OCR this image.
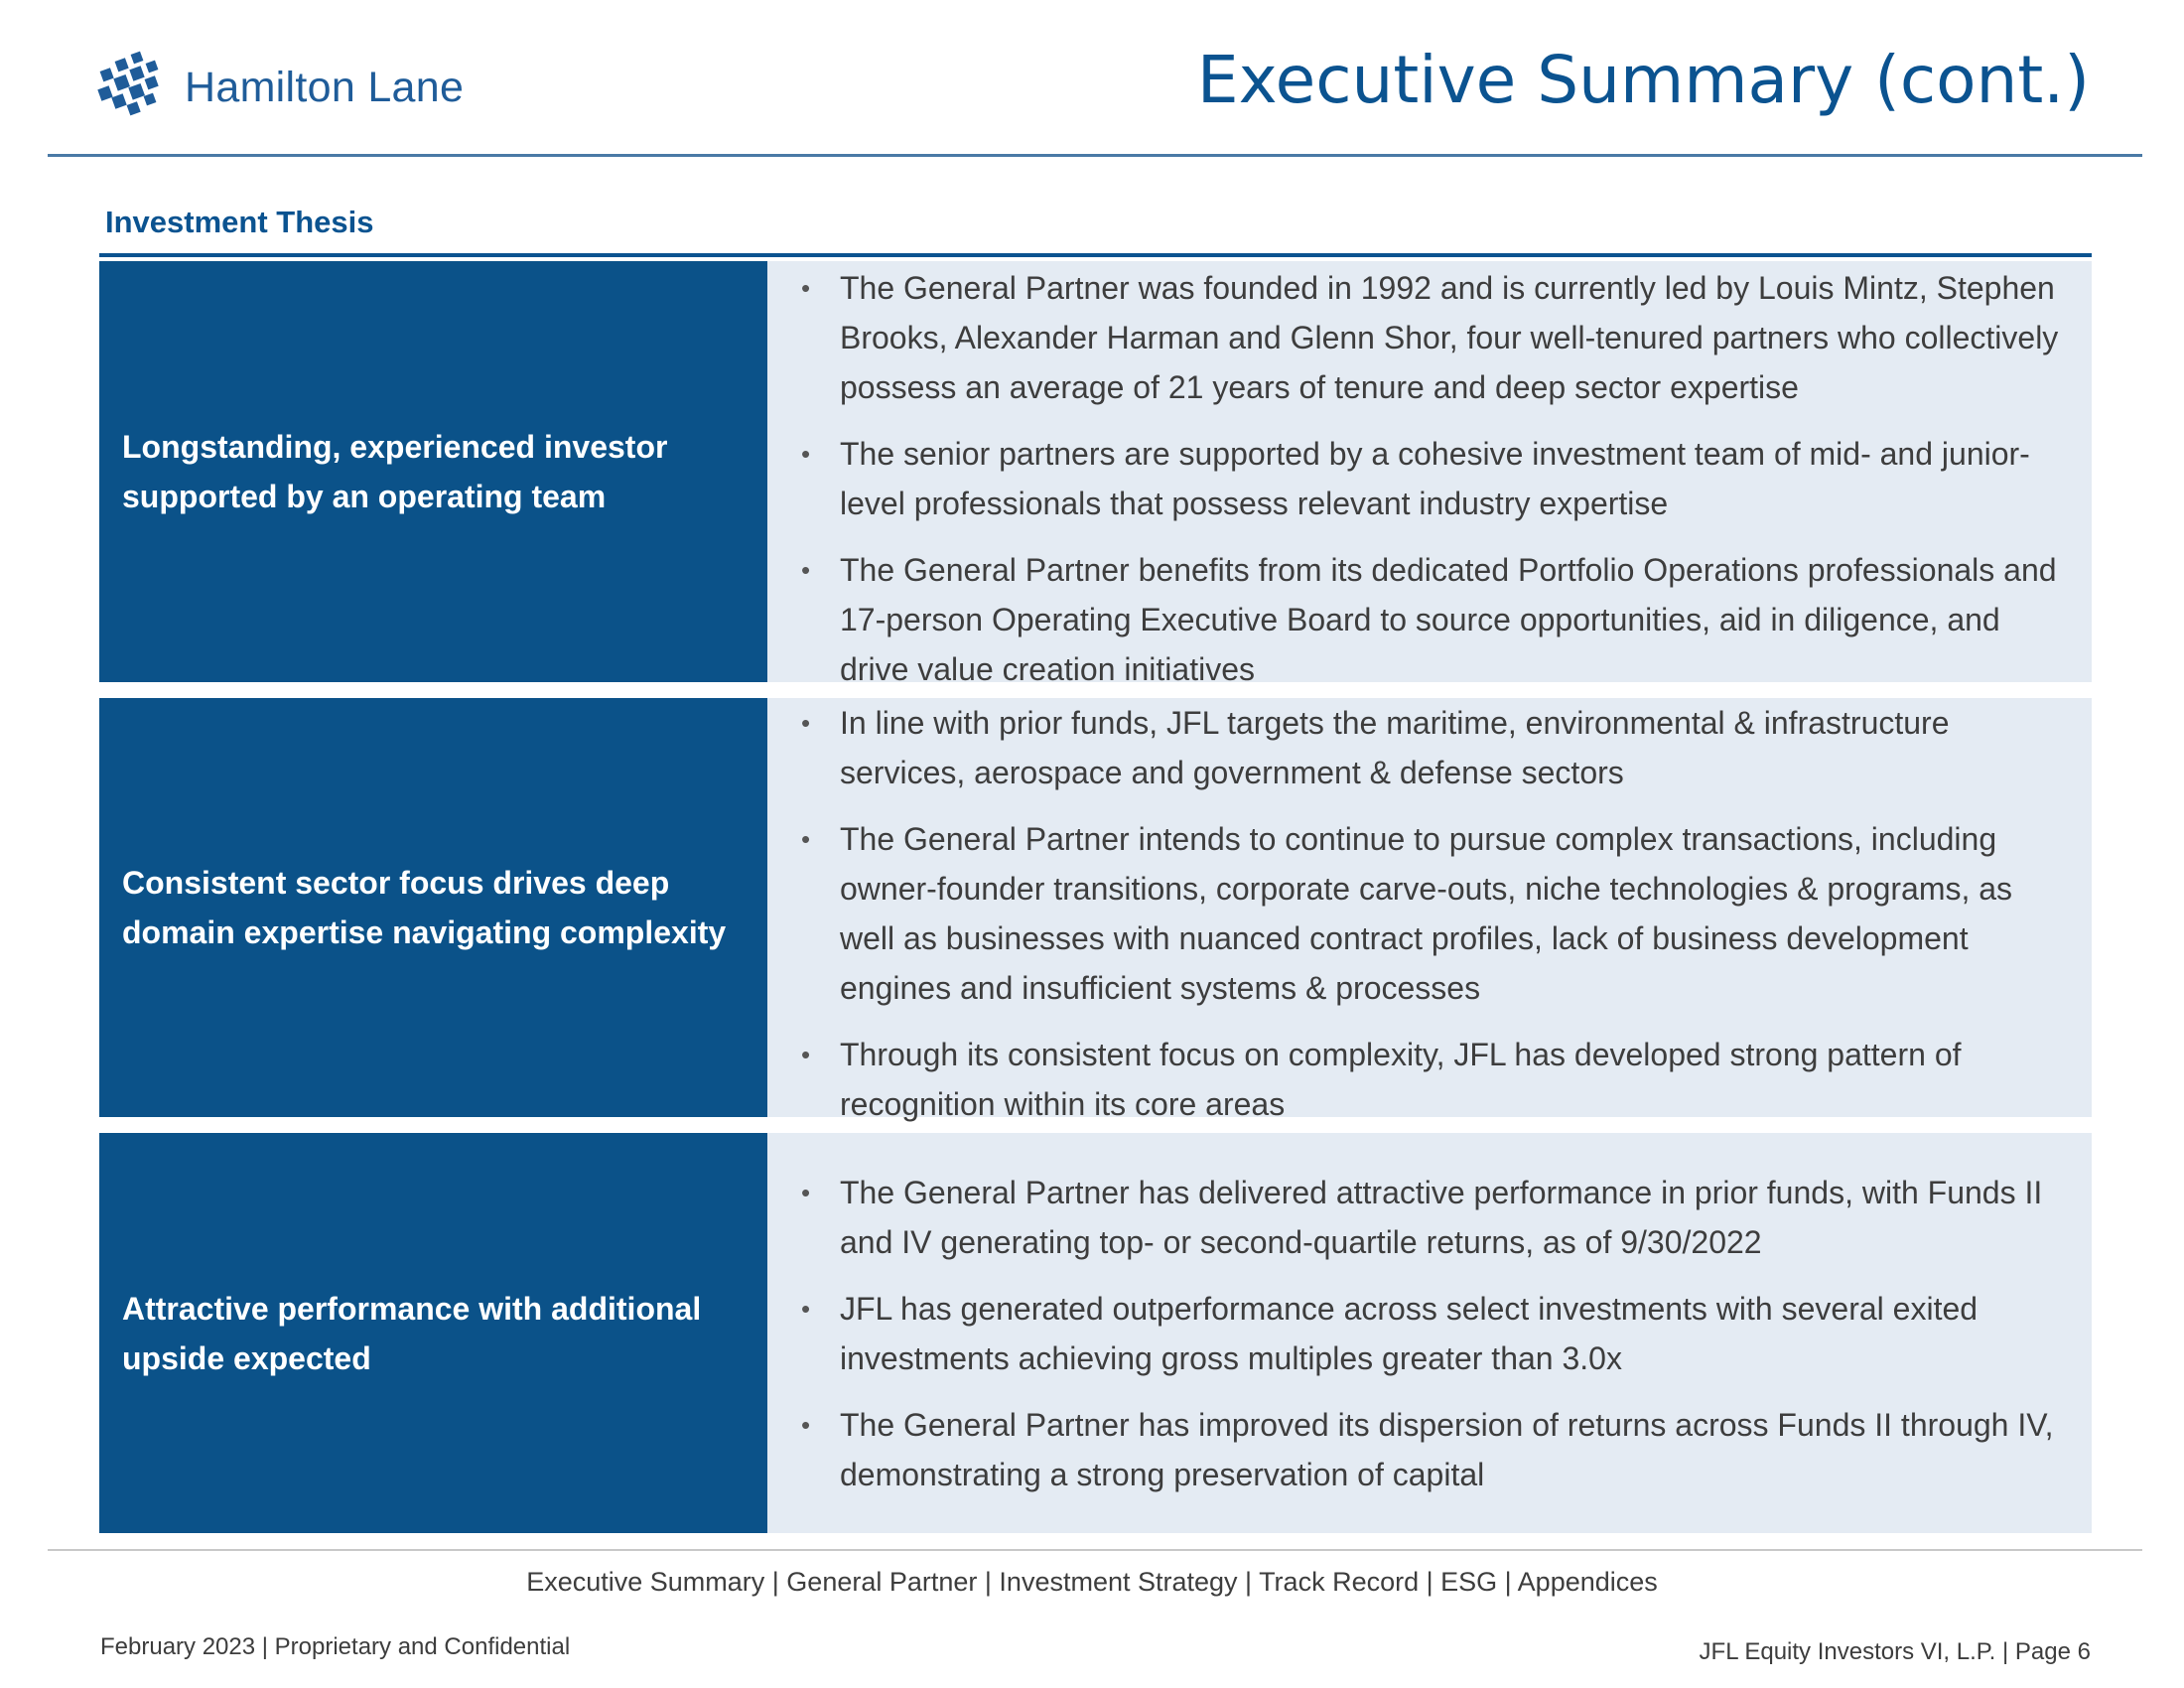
Hamilton Lane	Executive Summary (cont.)
Investment Thesis
Longstanding, experienced investor supported by an operating team
• The General Partner was founded in 1992 and is currently led by Louis Mintz, Stephen Brooks, Alexander Harman and Glenn Shor, four well-tenured partners who collectively possess an average of 21 years of tenure and deep sector expertise
• The senior partners are supported by a cohesive investment team of mid- and junior-level professionals that possess relevant industry expertise
• The General Partner benefits from its dedicated Portfolio Operations professionals and 17-person Operating Executive Board to source opportunities, aid in diligence, and drive value creation initiatives
Consistent sector focus drives deep domain expertise navigating complexity
• In line with prior funds, JFL targets the maritime, environmental & infrastructure services, aerospace and government & defense sectors
• The General Partner intends to continue to pursue complex transactions, including owner-founder transitions, corporate carve-outs, niche technologies & programs, as well as businesses with nuanced contract profiles, lack of business development engines and insufficient systems & processes
• Through its consistent focus on complexity, JFL has developed strong pattern of recognition within its core areas
Attractive performance with additional upside expected
• The General Partner has delivered attractive performance in prior funds, with Funds II and IV generating top- or second-quartile returns, as of 9/30/2022
• JFL has generated outperformance across select investments with several exited investments achieving gross multiples greater than 3.0x
• The General Partner has improved its dispersion of returns across Funds II through IV, demonstrating a strong preservation of capital
Executive Summary | General Partner | Investment Strategy | Track Record | ESG | Appendices
February 2023 | Proprietary and Confidential	JFL Equity Investors VI, L.P. | Page 6
